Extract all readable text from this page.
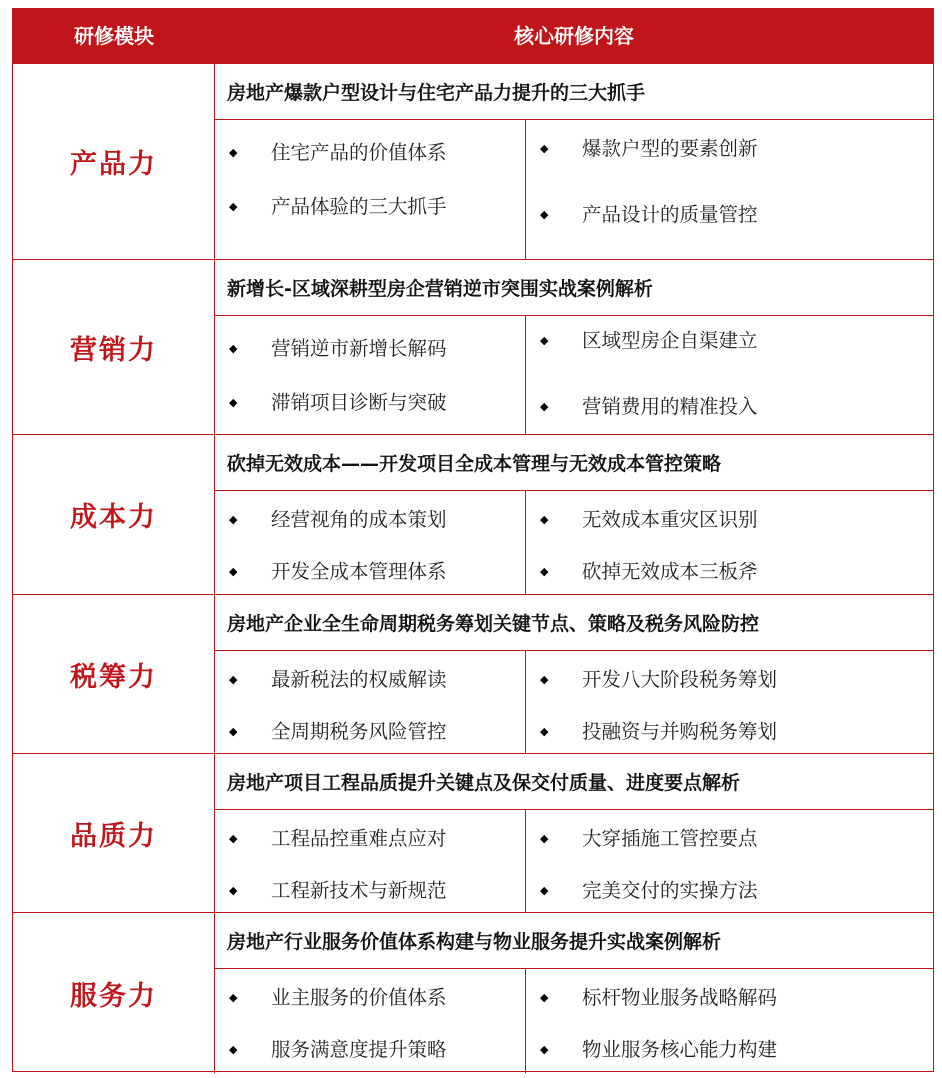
研修模块	核心研修内容
产品力
房地产爆款户型设计与住宅产品力提升的三大抓手
◆ 住宅产品的价值体系
◆ 产品体验的三大抓手
◆ 爆款户型的要素创新
◆ 产品设计的质量管控
营销力
新增长-区域深耕型房企营销逆市突围实战案例解析
◆ 营销逆市新增长解码
◆ 滞销项目诊断与突破
◆ 区域型房企自渠建立
◆ 营销费用的精准投入
成本力
砍掉无效成本——开发项目全成本管理与无效成本管控策略
◆ 经营视角的成本策划
◆ 开发全成本管理体系
◆ 无效成本重灾区识别
◆ 砍掉无效成本三板斧
税筹力
房地产企业全生命周期税务筹划关键节点、策略及税务风险防控
◆ 最新税法的权威解读
◆ 全周期税务风险管控
◆ 开发八大阶段税务筹划
◆ 投融资与并购税务筹划
品质力
房地产项目工程品质提升关键点及保交付质量、进度要点解析
◆ 工程品控重难点应对
◆ 工程新技术与新规范
◆ 大穿插施工管控要点
◆ 完美交付的实操方法
服务力
房地产行业服务价值体系构建与物业服务提升实战案例解析
◆ 业主服务的价值体系
◆ 服务满意度提升策略
◆ 标杆物业服务战略解码
◆ 物业服务核心能力构建
